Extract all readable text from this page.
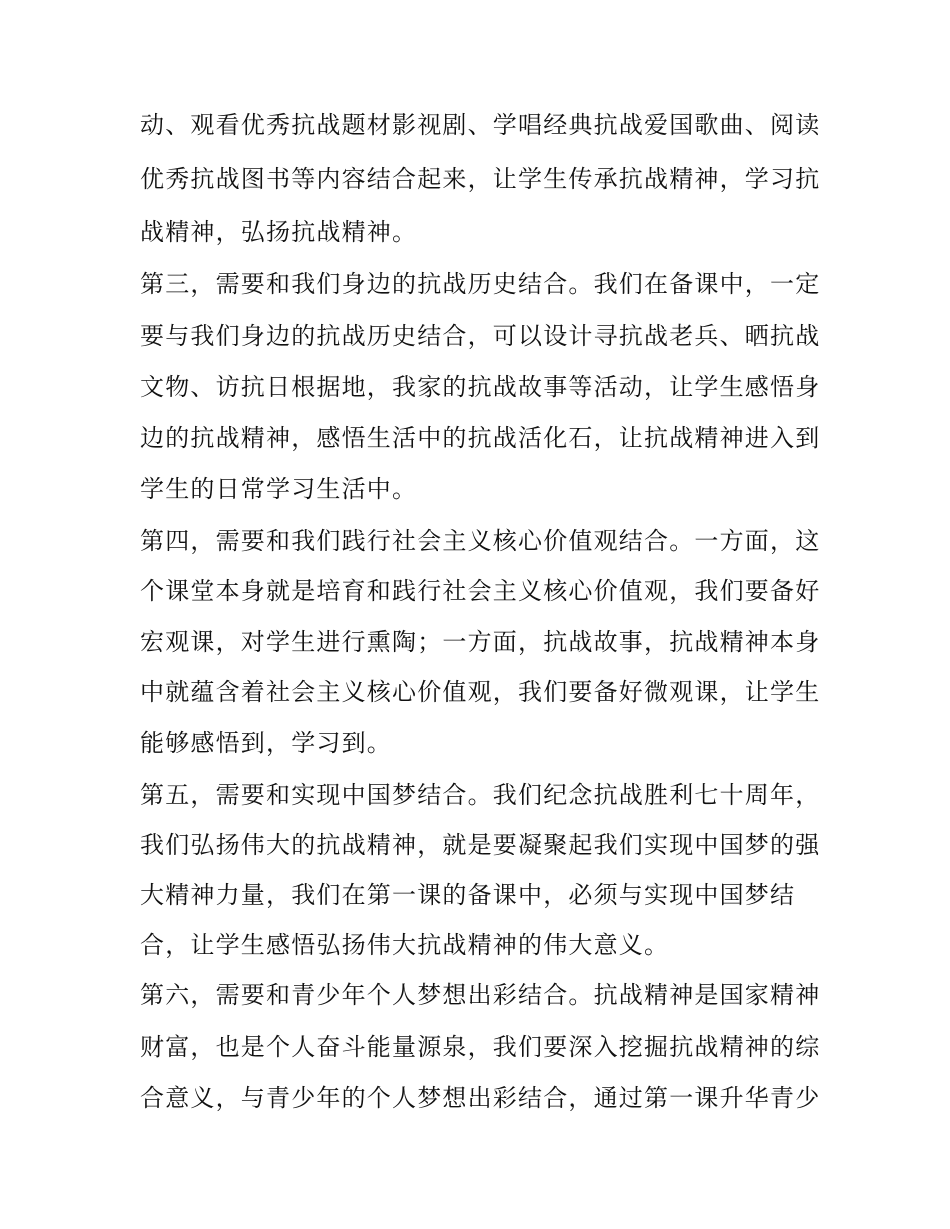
动、观看优秀抗战题材影视剧、学唱经典抗战爱国歌曲、阅读
优秀抗战图书等内容结合起来，让学生传承抗战精神，学习抗
战精神，弘扬抗战精神。
第三，需要和我们身边的抗战历史结合。我们在备课中，一定
要与我们身边的抗战历史结合，可以设计寻抗战老兵、晒抗战
文物、访抗日根据地，我家的抗战故事等活动，让学生感悟身
边的抗战精神，感悟生活中的抗战活化石，让抗战精神进入到
学生的日常学习生活中。
第四，需要和我们践行社会主义核心价值观结合。一方面，这
个课堂本身就是培育和践行社会主义核心价值观，我们要备好
宏观课，对学生进行熏陶；一方面，抗战故事，抗战精神本身
中就蕴含着社会主义核心价值观，我们要备好微观课，让学生
能够感悟到，学习到。
第五，需要和实现中国梦结合。我们纪念抗战胜利七十周年，
我们弘扬伟大的抗战精神，就是要凝聚起我们实现中国梦的强
大精神力量，我们在第一课的备课中，必须与实现中国梦结
合，让学生感悟弘扬伟大抗战精神的伟大意义。
第六，需要和青少年个人梦想出彩结合。抗战精神是国家精神
财富，也是个人奋斗能量源泉，我们要深入挖掘抗战精神的综
合意义，与青少年的个人梦想出彩结合，通过第一课升华青少
